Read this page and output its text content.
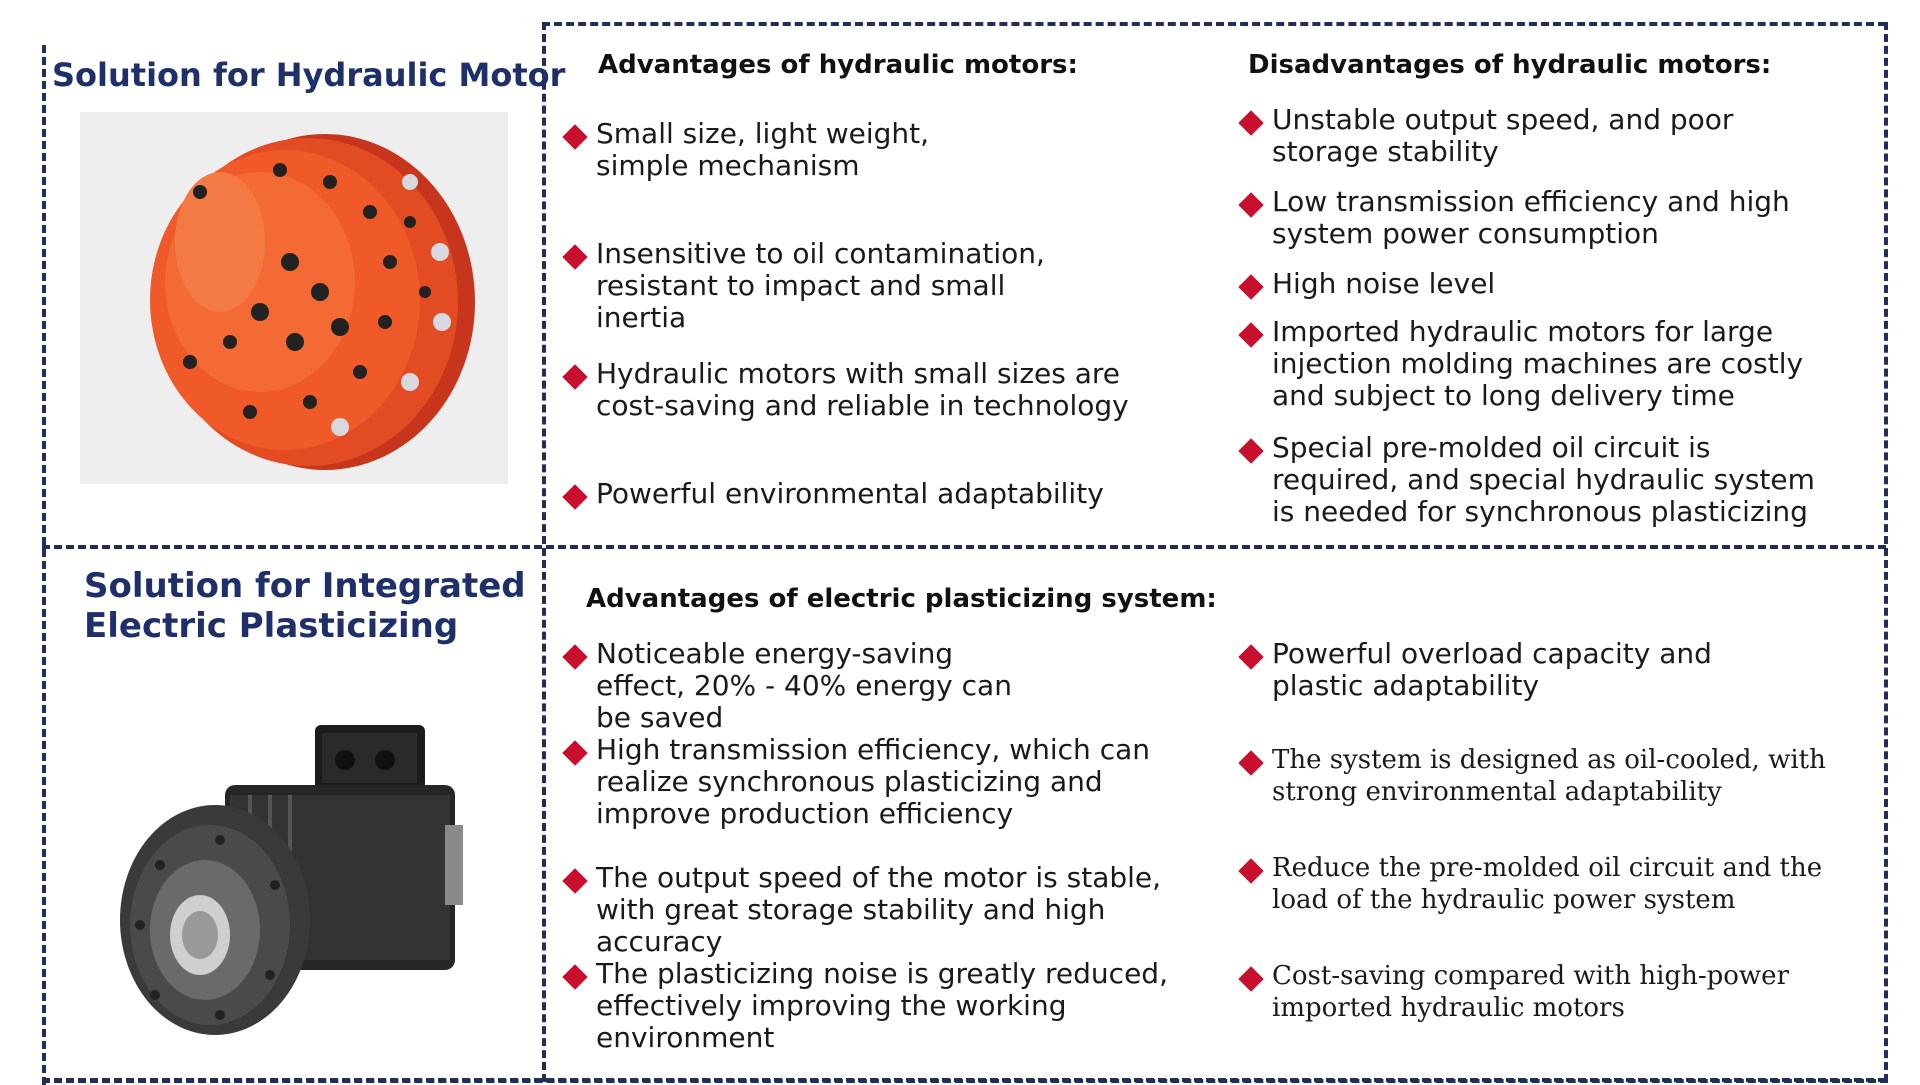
Solution for Hydraulic Motor Advantages of hydraulic motors:
Small size, light weight, simple mechanism
Insensitive to oil contamination, resistant to impact and small inertia
Hydraulic motors with small sizes are cost-saving and reliable in technology
Powerful environmental adaptability
Disadvantages of hydraulic motors:
Unstable output speed, and poor storage stability
Low transmission efficiency and high system power consumption
High noise level
Imported hydraulic motors for large injection molding machines are costly and subject to long delivery time
Special pre-molded oil circuit is required, and special hydraulic system is needed for synchronous plasticizing
Solution for Integrated
Electric Plasticizing
Advantages of electric plasticizing system:
Noticeable energy-saving effect, 20% - 40% energy can be saved
High transmission efficiency, which can realize synchronous plasticizing and improve production efficiency
The output speed of the motor is stable, with great storage stability and high accuracy
The plasticizing noise is greatly reduced, effectively improving the working environment
Powerful overload capacity and plastic adaptability
The system is designed as oil-cooled, with strong environmental adaptability
Reduce the pre-molded oil circuit and the load of the hydraulic power system
Cost-saving compared with high-power imported hydraulic motors
